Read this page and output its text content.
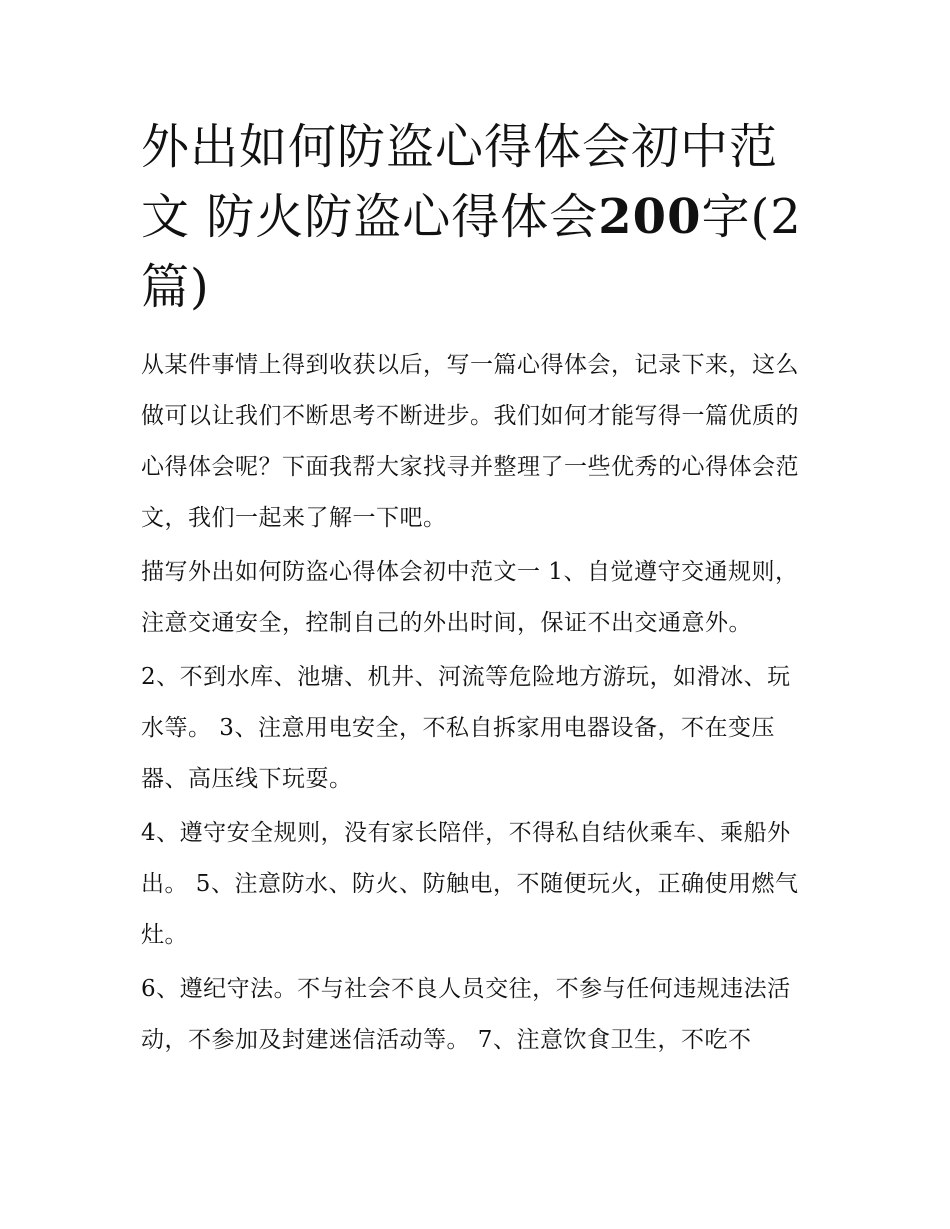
外出如何防盗心得体会初中范文 防火防盗心得体会200字(2篇)

从某件事情上得到收获以后，写一篇心得体会，记录下来，这么做可以让我们不断思考不断进步。我们如何才能写得一篇优质的心得体会呢？下面我帮大家找寻并整理了一些优秀的心得体会范文，我们一起来了解一下吧。

描写外出如何防盗心得体会初中范文一 1、自觉遵守交通规则，注意交通安全，控制自己的外出时间，保证不出交通意外。

2、不到水库、池塘、机井、河流等危险地方游玩，如滑冰、玩水等。 3、注意用电安全，不私自拆家用电器设备，不在变压器、高压线下玩耍。

4、遵守安全规则，没有家长陪伴，不得私自结伙乘车、乘船外出。 5、注意防水、防火、防触电，不随便玩火，正确使用燃气灶。

6、遵纪守法。不与社会不良人员交往，不参与任何违规违法活动，不参加及封建迷信活动等。 7、注意饮食卫生，不吃不
